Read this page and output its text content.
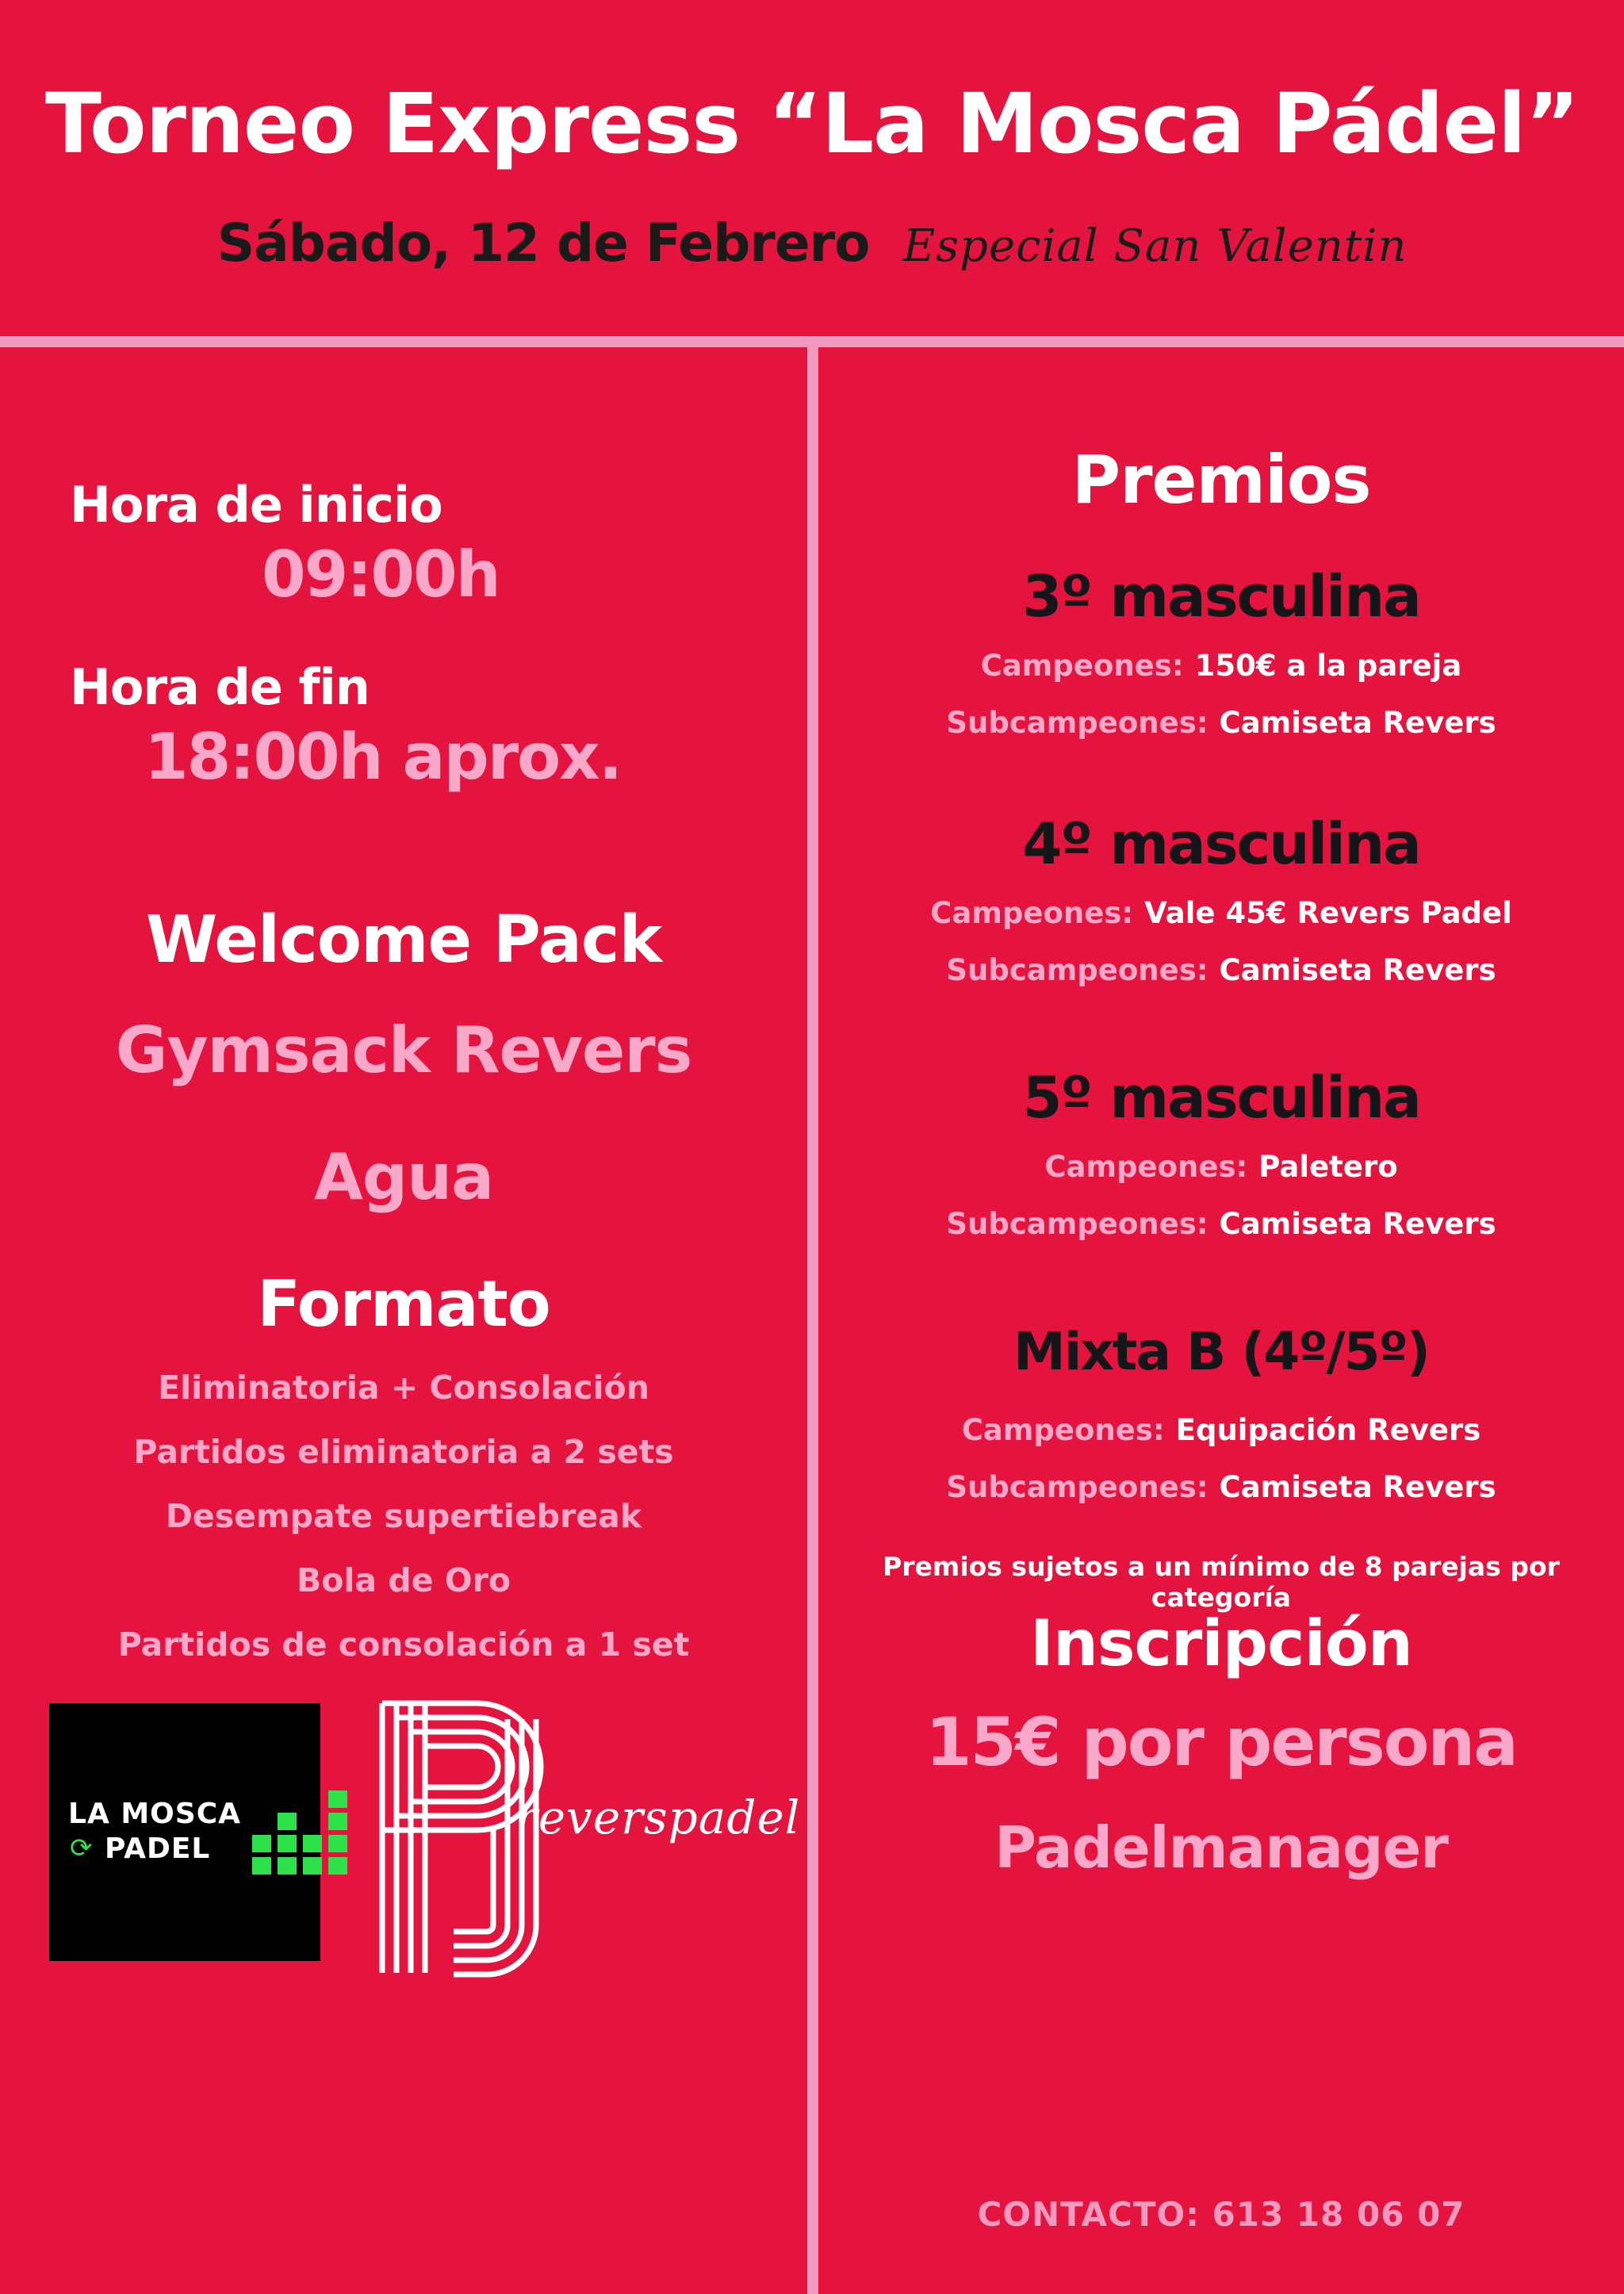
Torneo Express “La Mosca Pádel”
Sábado, 12 de Febrero Especial San Valentin
Hora de inicio
09:00h
Hora de fin
18:00h aprox.
Welcome Pack
Gymsack Revers
Agua
Formato
Eliminatoria + Consolación
Partidos eliminatoria a 2 sets
Desempate supertiebreak
Bola de Oro
Partidos de consolación a 1 set
LA MOSCA
PADEL
⟳
reverspadel
Premios
3º masculina
Campeones: 150€ a la pareja
Subcampeones: Camiseta Revers
4º masculina
Campeones: Vale 45€ Revers Padel
Subcampeones: Camiseta Revers
5º masculina
Campeones: Paletero
Subcampeones: Camiseta Revers
Mixta B (4º/5º)
Campeones: Equipación Revers
Subcampeones: Camiseta Revers
Premios sujetos a un mínimo de 8 parejas por categoría
Inscripción
15€ por persona
Padelmanager
CONTACTO: 613 18 06 07
